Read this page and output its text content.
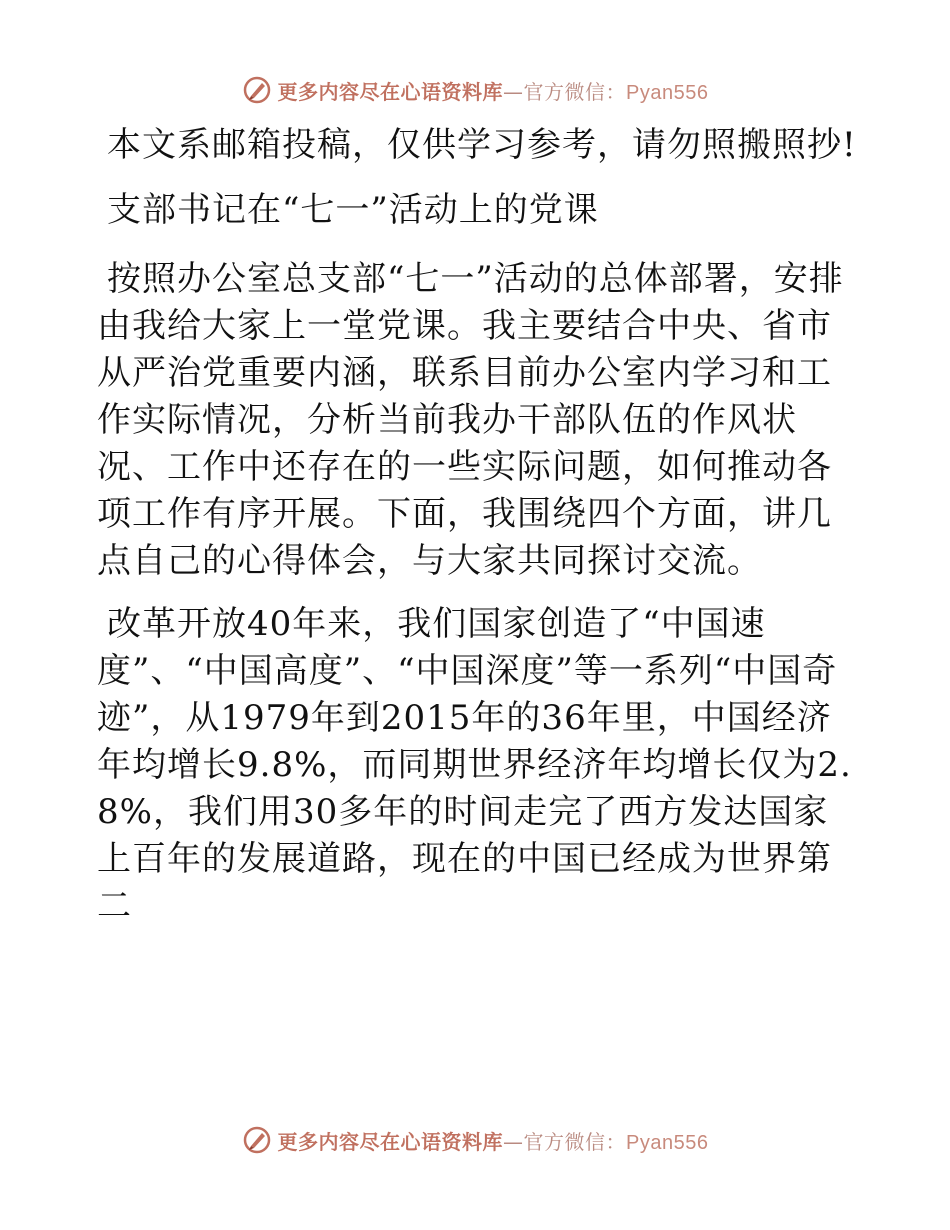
更多内容尽在心语资料库—官方微信：Pyan556

本文系邮箱投稿，仅供学习参考，请勿照搬照抄!

支部书记在“七一”活动上的党课

按照办公室总支部“七一”活动的总体部署，安排由我给大家上一堂党课。我主要结合中央、省市从严治党重要内涵，联系目前办公室内学习和工作实际情况，分析当前我办干部队伍的作风状况、工作中还存在的一些实际问题，如何推动各项工作有序开展。下面，我围绕四个方面，讲几点自己的心得体会，与大家共同探讨交流。

改革开放40年来，我们国家创造了“中国速度”、“中国高度”、“中国深度”等一系列“中国奇迹”，从1979年到2015年的36年里，中国经济年均增长9.8%，而同期世界经济年均增长仅为2.8%，我们用30多年的时间走完了西方发达国家上百年的发展道路，现在的中国已经成为世界第二

更多内容尽在心语资料库—官方微信：Pyan556
